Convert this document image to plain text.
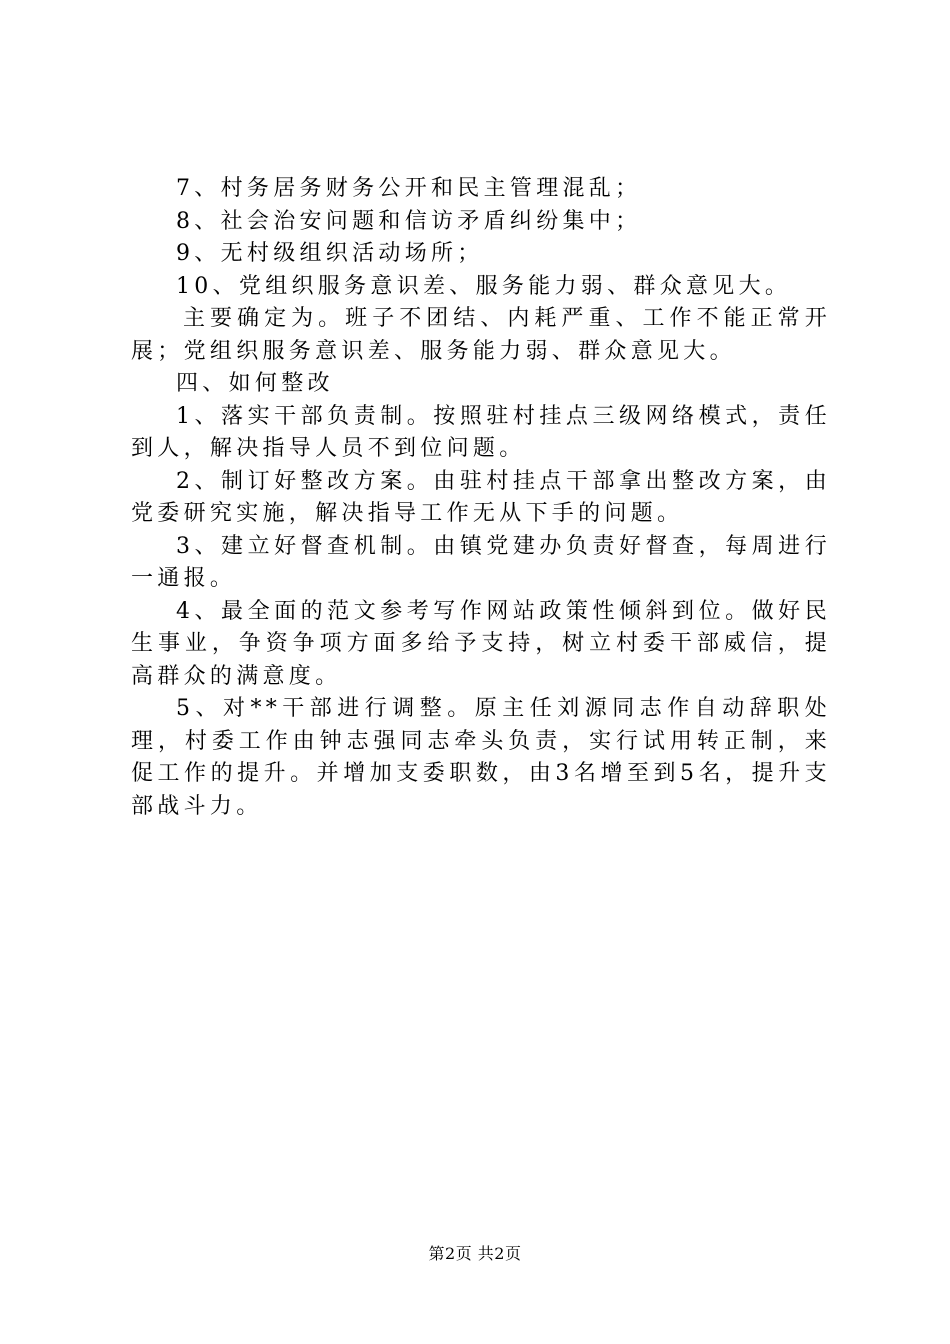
7、村务居务财务公开和民主管理混乱；

8、社会治安问题和信访矛盾纠纷集中；

9、无村级组织活动场所；

10、党组织服务意识差、服务能力弱、群众意见大。

主要确定为。班子不团结、内耗严重、工作不能正常开展；党组织服务意识差、服务能力弱、群众意见大。

四、如何整改

1、落实干部负责制。按照驻村挂点三级网络模式，责任到人，解决指导人员不到位问题。

2、制订好整改方案。由驻村挂点干部拿出整改方案，由党委研究实施，解决指导工作无从下手的问题。

3、建立好督查机制。由镇党建办负责好督查，每周进行一通报。

4、最全面的范文参考写作网站政策性倾斜到位。做好民生事业，争资争项方面多给予支持，树立村委干部威信，提高群众的满意度。

5、对**干部进行调整。原主任刘源同志作自动辞职处理，村委工作由钟志强同志牵头负责，实行试用转正制，来促工作的提升。并增加支委职数，由3名增至到5名，提升支部战斗力。

第2页 共2页
